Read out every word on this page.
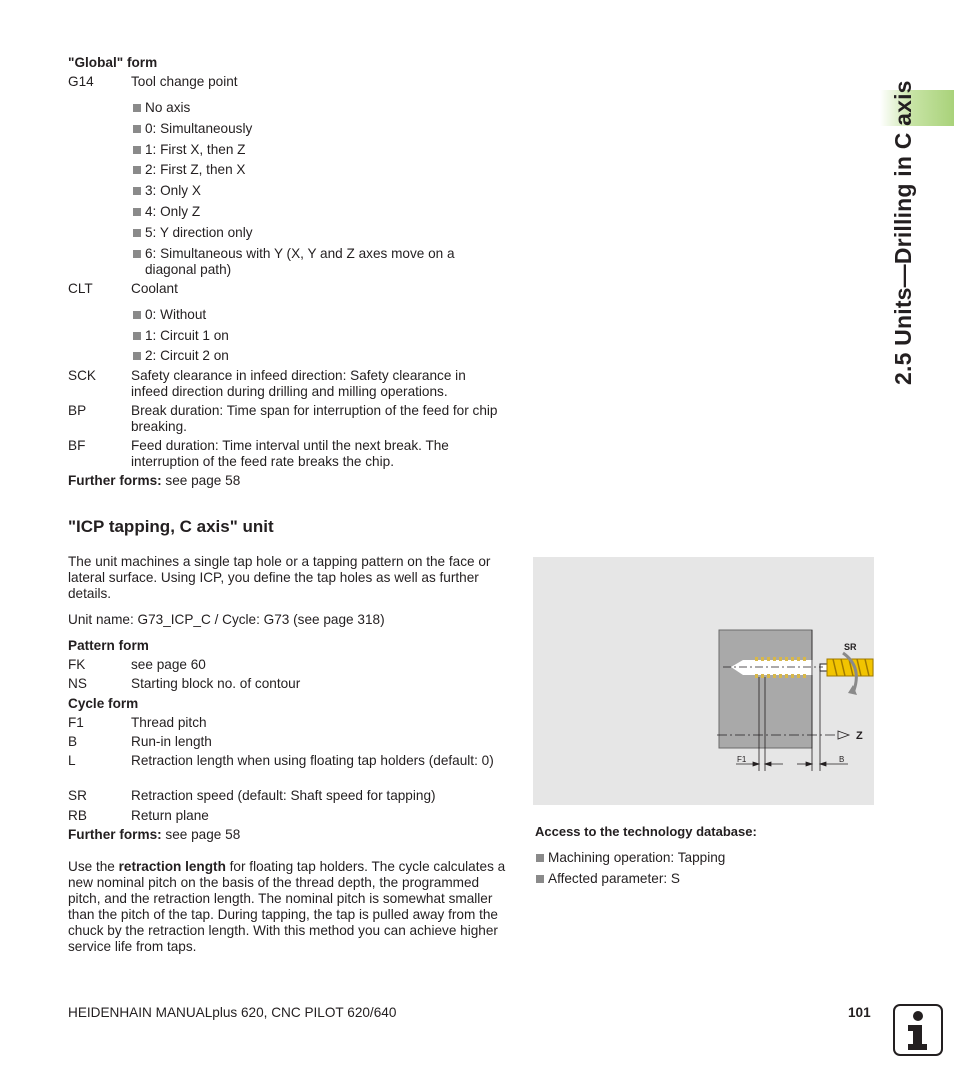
"Global" form
G14	Tool change point
No axis
0: Simultaneously
1: First X, then Z
2: First Z, then X
3: Only X
4: Only Z
5: Y direction only
6: Simultaneous with Y (X, Y and Z axes move on a diagonal path)
CLT	Coolant
0: Without
1: Circuit 1 on
2: Circuit 2 on
SCK	Safety clearance in infeed direction: Safety clearance in infeed direction during drilling and milling operations.
BP	Break duration: Time span for interruption of the feed for chip breaking.
BF	Feed duration: Time interval until the next break. The interruption of the feed rate breaks the chip.
Further forms: see page 58
"ICP tapping, C axis" unit
The unit machines a single tap hole or a tapping pattern on the face or lateral surface. Using ICP, you define the tap holes as well as further details.
Unit name: G73_ICP_C / Cycle: G73 (see page 318)
Pattern form
FK	see page 60
NS	Starting block no. of contour
Cycle form
F1	Thread pitch
B	Run-in length
L	Retraction length when using floating tap holders (default: 0)
SR	Retraction speed (default: Shaft speed for tapping)
RB	Return plane
Further forms: see page 58
Use the retraction length for floating tap holders. The cycle calculates a new nominal pitch on the basis of the thread depth, the programmed pitch, and the retraction length. The nominal pitch is somewhat smaller than the pitch of the tap. During tapping, the tap is pulled away from the chuck by the retraction length. With this method you can achieve higher service life from taps.
SR
Z
F1	B
Access to the technology database:
Machining operation: Tapping
Affected parameter: S
2.5 Units—Drilling in C axis
HEIDENHAIN MANUALplus 620, CNC PILOT 620/640	101
